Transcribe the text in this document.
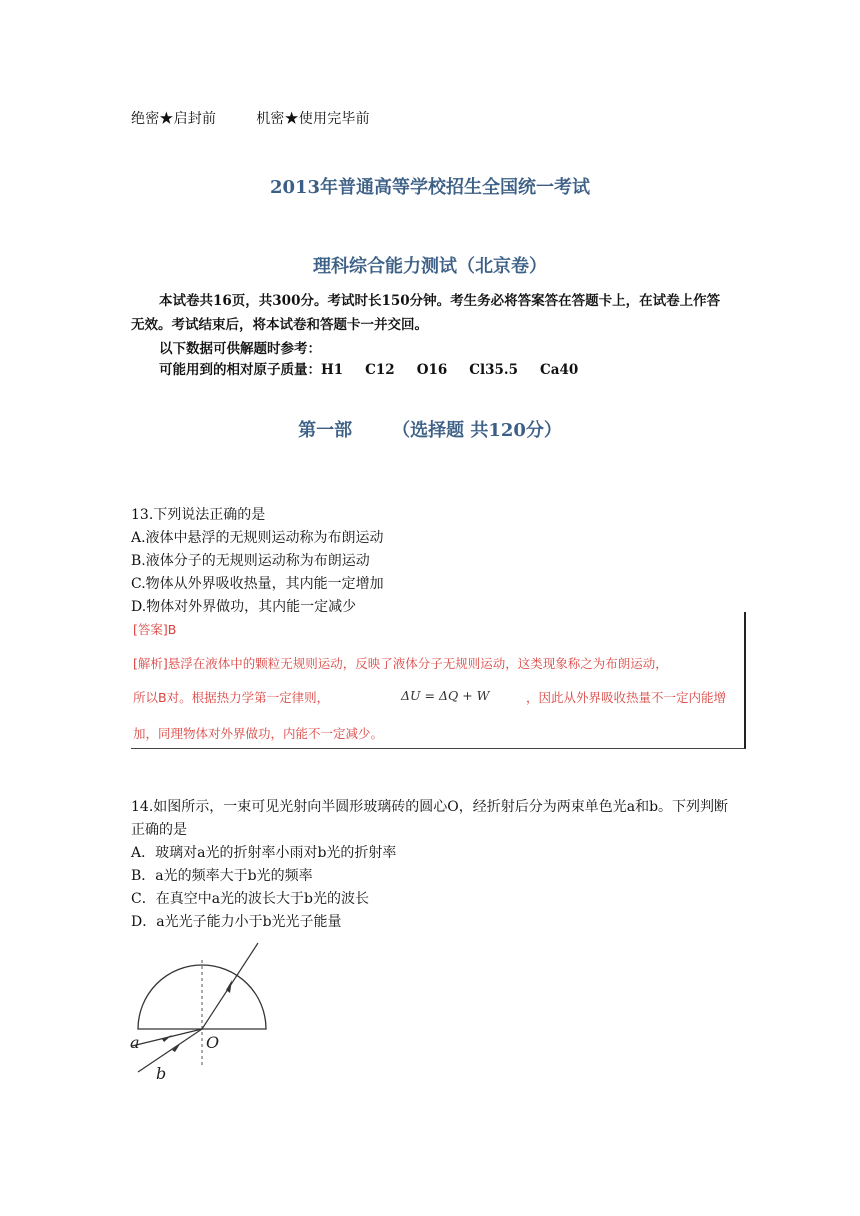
绝密★启封前	机密★使用完毕前
2013年普通高等学校招生全国统一考试
理科综合能力测试（北京卷）

本试卷共16页，共300分。考试时长150分钟。考生务必将答案答在答题卡上，在试卷上作答无效。考试结束后，将本试卷和答题卡一并交回。

以下数据可供解题时参考：

可能用到的相对原子质量：H1 C12 O16 Cl35.5 Ca40
第一部 （选择题 共120分）

13.下列说法正确的是

A.液体中悬浮的无规则运动称为布朗运动

B.液体分子的无规则运动称为布朗运动

C.物体从外界吸收热量，其内能一定增加

D.物体对外界做功，其内能一定减少

[答案]B
[解析]悬浮在液体中的颗粒无规则运动，反映了液体分子无规则运动，这类现象称之为布朗运动，
所以B对。根据热力学第一定律则，	ΔU = ΔQ + W	，因此从外界吸收热量不一定内能增
加，同理物体对外界做功，内能不一定减少。

14.如图所示，一束可见光射向半圆形玻璃砖的圆心O，经折射后分为两束单色光a和b。下列判断正确的是

A．玻璃对a光的折射率小雨对b光的折射率

B．a光的频率大于b光的频率

C．在真空中a光的波长大于b光的波长

D．a光光子能力小于b光光子能量

a
b
O
